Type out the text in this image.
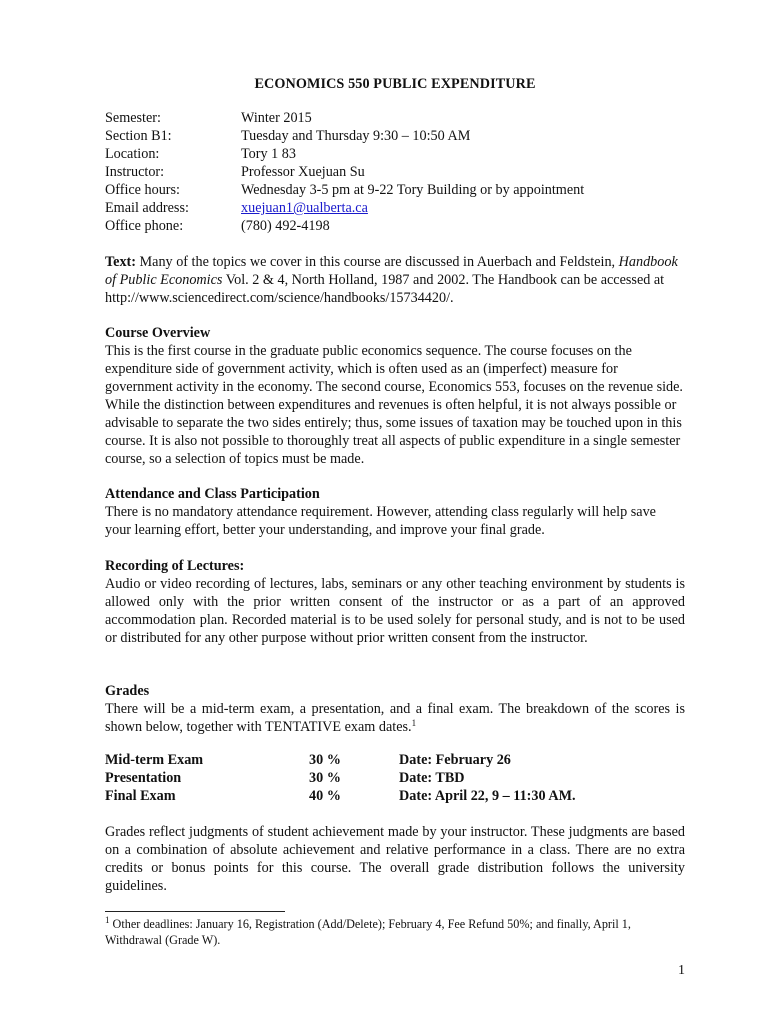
ECONOMICS 550 PUBLIC EXPENDITURE
Semester:	Winter 2015
Section B1:	Tuesday and Thursday 9:30 – 10:50 AM
Location:	Tory 1 83
Instructor:	Professor Xuejuan Su
Office hours:	Wednesday 3-5 pm at 9-22 Tory Building or by appointment
Email address:	xuejuan1@ualberta.ca
Office phone:	(780) 492-4198

Text: Many of the topics we cover in this course are discussed in Auerbach and Feldstein, Handbook of Public Economics Vol. 2 & 4, North Holland, 1987 and 2002. The Handbook can be accessed at http://www.sciencedirect.com/science/handbooks/15734420/.

Course Overview

This is the first course in the graduate public economics sequence. The course focuses on the expenditure side of government activity, which is often used as an (imperfect) measure for government activity in the economy. The second course, Economics 553, focuses on the revenue side. While the distinction between expenditures and revenues is often helpful, it is not always possible or advisable to separate the two sides entirely; thus, some issues of taxation may be touched upon in this course. It is also not possible to thoroughly treat all aspects of public expenditure in a single semester course, so a selection of topics must be made.

Attendance and Class Participation

There is no mandatory attendance requirement. However, attending class regularly will help save your learning effort, better your understanding, and improve your final grade.

Recording of Lectures:

Audio or video recording of lectures, labs, seminars or any other teaching environment by students is allowed only with the prior written consent of the instructor or as a part of an approved accommodation plan. Recorded material is to be used solely for personal study, and is not to be used or distributed for any other purpose without prior written consent from the instructor.

Grades

There will be a mid-term exam, a presentation, and a final exam. The breakdown of the scores is shown below, together with TENTATIVE exam dates.$^1$

Mid-term Exam	30 %	Date: February 26
Presentation	30 %	Date: TBD
Final Exam	40 %	Date: April 22, 9 – 11:30 AM.

Grades reflect judgments of student achievement made by your instructor. These judgments are based on a combination of absolute achievement and relative performance in a class. There are no extra credits or bonus points for this course. The overall grade distribution follows the university guidelines.

$^1$ Other deadlines: January 16, Registration (Add/Delete); February 4, Fee Refund 50%; and finally, April 1, Withdrawal (Grade W).
1
